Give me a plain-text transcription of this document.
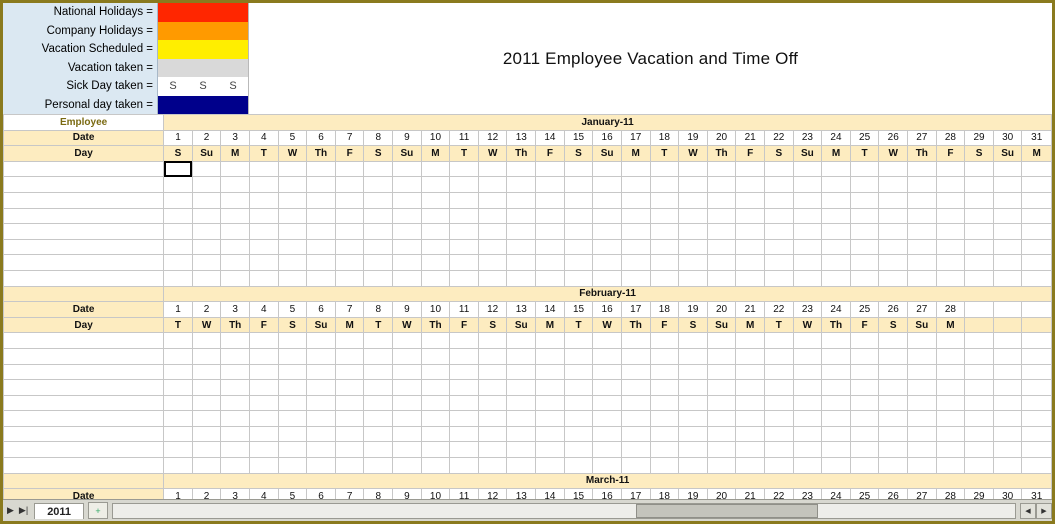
National Holidays =
Company Holidays =
Vacation Scheduled =
Vacation taken =
Sick Day taken =	S S S
Personal day taken =
2011 Employee Vacation and Time Off
Employee	January-11																														
Date	1	2	3	4	5	6	7	8	9	10	11	12	13	14	15	16	17	18	19	20	21	22	23	24	25	26	27	28	29	30	31
Day	S	Su	M	T	W	Th	F	S	Su	M	T	W	Th	F	S	Su	M	T	W	Th	F	S	Su	M	T	W	Th	F	S	Su	M

	February-11																														
Date	1	2	3	4	5	6	7	8	9	10	11	12	13	14	15	16	17	18	19	20	21	22	23	24	25	26	27	28			
Day	T	W	Th	F	S	Su	M	T	W	Th	F	S	Su	M	T	W	Th	F	S	Su	M	T	W	Th	F	S	Su	M			

	March-11																														
Date	1	2	3	4	5	6	7	8	9	10	11	12	13	14	15	16	17	18	19	20	21	22	23	24	25	26	27	28	29	30	31
▶ ▶|	2011	+	◀	▶
